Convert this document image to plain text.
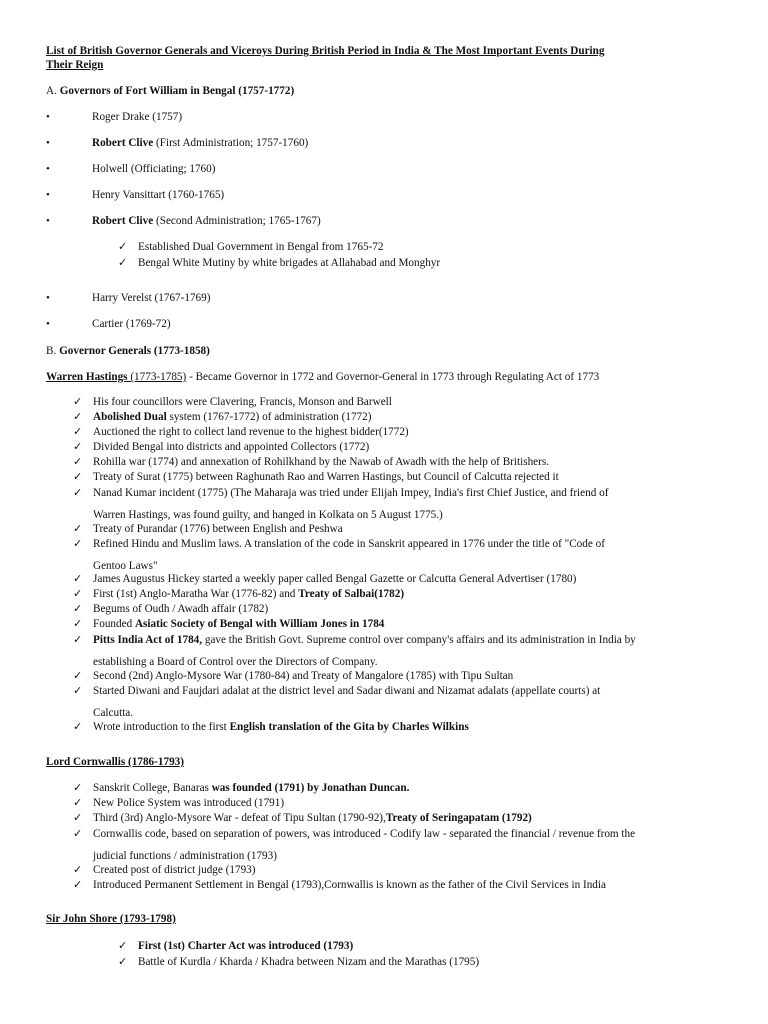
List of British Governor Generals and Viceroys During British Period in India & The Most Important Events During
Their Reign
A. Governors of Fort William in Bengal (1757-1772)
•	Roger Drake (1757)
•	Robert Clive (First Administration; 1757-1760)
•	Holwell (Officiating; 1760)
•	Henry Vansittart (1760-1765)
•	Robert Clive (Second Administration; 1765-1767)
✓ Established Dual Government in Bengal from 1765-72
✓ Bengal White Mutiny by white brigades at Allahabad and Monghyr
•	Harry Verelst (1767-1769)
•	Cartier (1769-72)
B. Governor Generals (1773-1858)
Warren Hastings (1773-1785) - Became Governor in 1772 and Governor-General in 1773 through Regulating Act of 1773
✓ His four councillors were Clavering, Francis, Monson and Barwell
✓ Abolished Dual system (1767-1772) of administration (1772)
✓ Auctioned the right to collect land revenue to the highest bidder(1772)
✓ Divided Bengal into districts and appointed Collectors (1772)
✓ Rohilla war (1774) and annexation of Rohilkhand by the Nawab of Awadh with the help of Britishers.
✓ Treaty of Surat (1775) between Raghunath Rao and Warren Hastings, but Council of Calcutta rejected it
✓ Nanad Kumar incident (1775) (The Maharaja was tried under Elijah Impey, India's first Chief Justice, and friend of
Warren Hastings, was found guilty, and hanged in Kolkata on 5 August 1775.)
✓ Treaty of Purandar (1776) between English and Peshwa
✓ Refined Hindu and Muslim laws. A translation of the code in Sanskrit appeared in 1776 under the title of "Code of
Gentoo Laws"
✓ James Augustus Hickey started a weekly paper called Bengal Gazette or Calcutta General Advertiser (1780)
✓ First (1st) Anglo-Maratha War (1776-82) and Treaty of Salbai(1782)
✓ Begums of Oudh / Awadh affair (1782)
✓ Founded Asiatic Society of Bengal with William Jones in 1784
✓ Pitts India Act of 1784, gave the British Govt. Supreme control over company's affairs and its administration in India by
establishing a Board of Control over the Directors of Company.
✓ Second (2nd) Anglo-Mysore War (1780-84) and Treaty of Mangalore (1785) with Tipu Sultan
✓ Started Diwani and Faujdari adalat at the district level and Sadar diwani and Nizamat adalats (appellate courts) at
Calcutta.
✓ Wrote introduction to the first English translation of the Gita by Charles Wilkins
Lord Cornwallis (1786-1793)
✓ Sanskrit College, Banaras was founded (1791) by Jonathan Duncan.
✓ New Police System was introduced (1791)
✓ Third (3rd) Anglo-Mysore War - defeat of Tipu Sultan (1790-92),Treaty of Seringapatam (1792)
✓ Cornwallis code, based on separation of powers, was introduced - Codify law - separated the financial / revenue from the
judicial functions / administration (1793)
✓ Created post of district judge (1793)
✓ Introduced Permanent Settlement in Bengal (1793),Cornwallis is known as the father of the Civil Services in India
Sir John Shore (1793-1798)
✓ First (1st) Charter Act was introduced (1793)
✓ Battle of Kurdla / Kharda / Khadra between Nizam and the Marathas (1795)
